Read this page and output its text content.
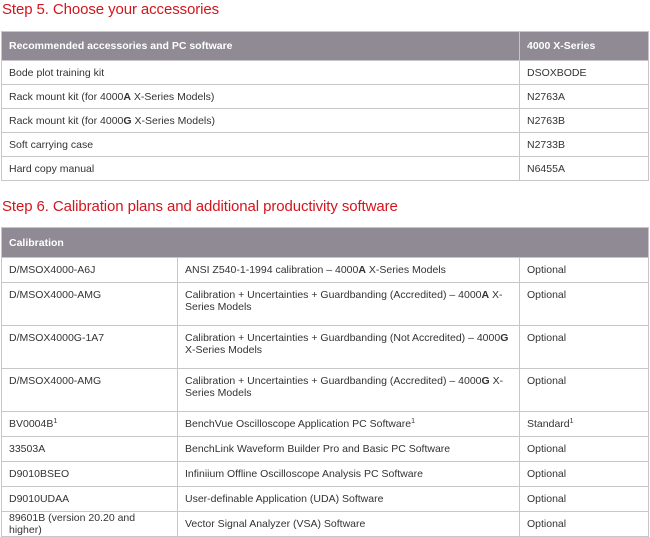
Step 5. Choose your accessories
Recommended accessories and PC software	4000 X-Series
Bode plot training kit	DSOXBODE
Rack mount kit (for 4000A X-Series Models)	N2763A
Rack mount kit (for 4000G X-Series Models)	N2763B
Soft carrying case	N2733B
Hard copy manual	N6455A
Step 6. Calibration plans and additional productivity software
Calibration		
D/MSOX4000-A6J	ANSI Z540-1-1994 calibration – 4000A X-Series Models	Optional
D/MSOX4000-AMG	Calibration + Uncertainties + Guardbanding (Accredited) – 4000A X-Series Models	Optional
D/MSOX4000G-1A7	Calibration + Uncertainties + Guardbanding (Not Accredited) – 4000G X-Series Models	Optional
D/MSOX4000-AMG	Calibration + Uncertainties + Guardbanding (Accredited) – 4000G X-Series Models	Optional
$BV0004B^1$	BenchVue Oscilloscope Application PC Software$^1$	Standard$^1$
33503A	BenchLink Waveform Builder Pro and Basic PC Software	Optional
D9010BSEO	Infiniium Offline Oscilloscope Analysis PC Software	Optional
D9010UDAA	User-definable Application (UDA) Software	Optional
89601B (version 20.20 and higher)	Vector Signal Analyzer (VSA) Software	Optional
